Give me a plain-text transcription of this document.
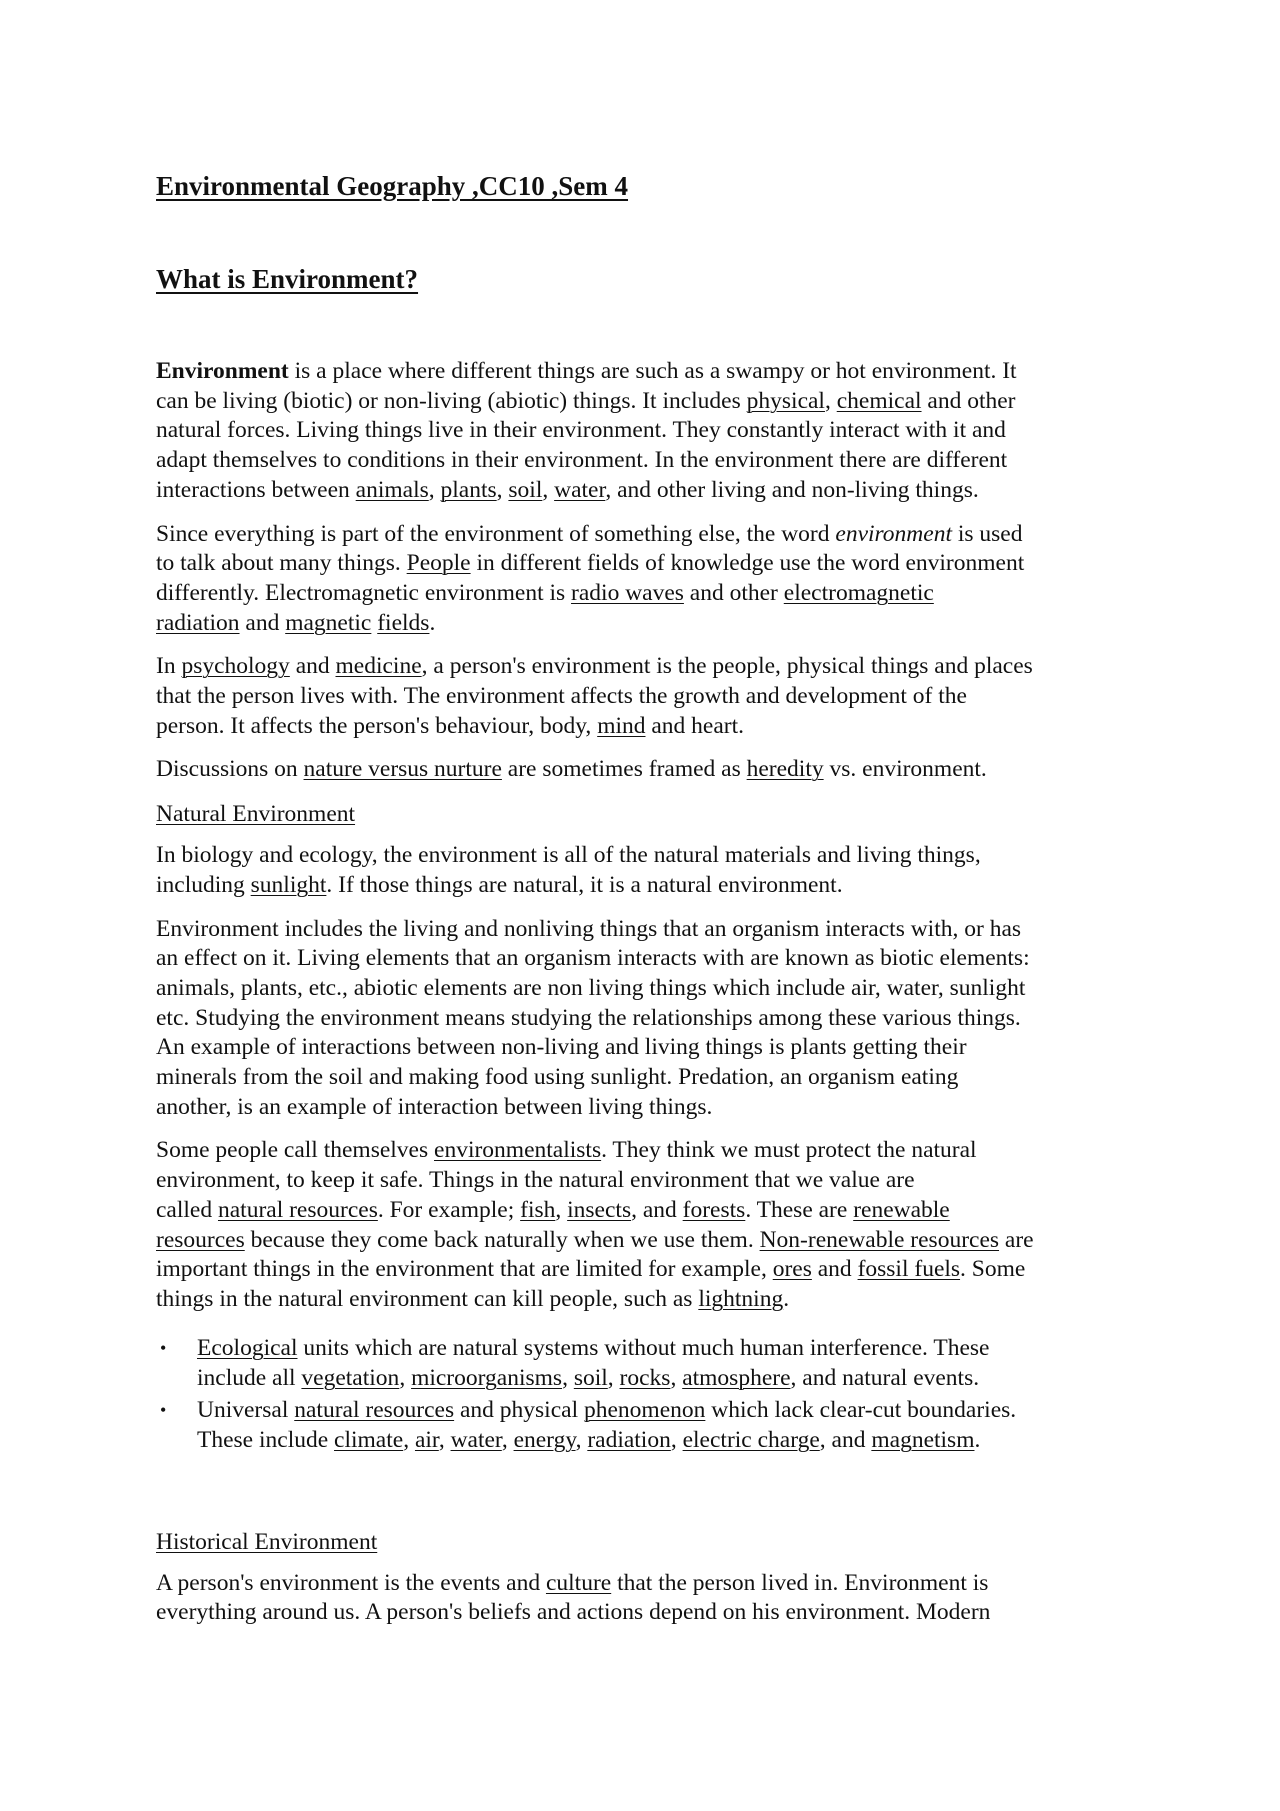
Environmental Geography ,CC10 ,Sem 4
What is Environment?

Environment is a place where different things are such as a swampy or hot environment. It
can be living (biotic) or non-living (abiotic) things. It includes physical, chemical and other
natural forces. Living things live in their environment. They constantly interact with it and
adapt themselves to conditions in their environment. In the environment there are different
interactions between animals, plants, soil, water, and other living and non-living things.

Since everything is part of the environment of something else, the word environment is used
to talk about many things. People in different fields of knowledge use the word environment
differently. Electromagnetic environment is radio waves and other electromagnetic
radiation and magnetic fields.

In psychology and medicine, a person's environment is the people, physical things and places
that the person lives with. The environment affects the growth and development of the
person. It affects the person's behaviour, body, mind and heart.

Discussions on nature versus nurture are sometimes framed as heredity vs. environment.

Natural Environment

In biology and ecology, the environment is all of the natural materials and living things,
including sunlight. If those things are natural, it is a natural environment.

Environment includes the living and nonliving things that an organism interacts with, or has
an effect on it. Living elements that an organism interacts with are known as biotic elements:
animals, plants, etc., abiotic elements are non living things which include air, water, sunlight
etc. Studying the environment means studying the relationships among these various things.
An example of interactions between non-living and living things is plants getting their
minerals from the soil and making food using sunlight. Predation, an organism eating
another, is an example of interaction between living things.

Some people call themselves environmentalists. They think we must protect the natural
environment, to keep it safe. Things in the natural environment that we value are
called natural resources. For example; fish, insects, and forests. These are renewable
resources because they come back naturally when we use them. Non-renewable resources are
important things in the environment that are limited for example, ores and fossil fuels. Some
things in the natural environment can kill people, such as lightning.

• Ecological units which are natural systems without much human interference. These
include all vegetation, microorganisms, soil, rocks, atmosphere, and natural events.
• Universal natural resources and physical phenomenon which lack clear-cut boundaries.
These include climate, air, water, energy, radiation, electric charge, and magnetism.
Historical Environment

A person's environment is the events and culture that the person lived in. Environment is
everything around us. A person's beliefs and actions depend on his environment. Modern
